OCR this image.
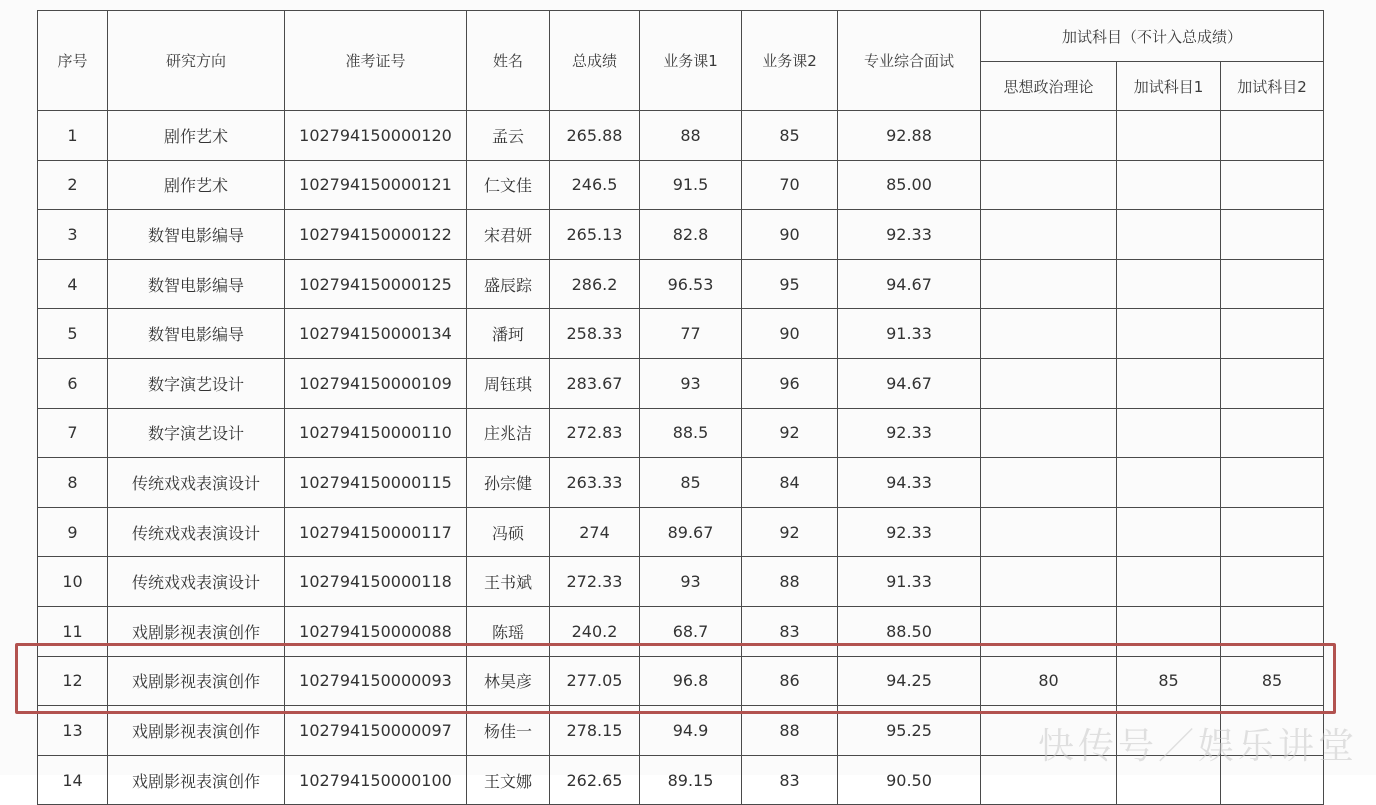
序号	研究方向	准考证号	姓名	总成绩	业务课1	业务课2	专业综合面试	加试科目（不计入总成绩）		
								思想政治理论	加试科目1	加试科目2
1	剧作艺术	102794150000120	孟云	265.88	88	85	92.88			
2	剧作艺术	102794150000121	仁文佳	246.5	91.5	70	85.00			
3	数智电影编导	102794150000122	宋君妍	265.13	82.8	90	92.33			
4	数智电影编导	102794150000125	盛辰踪	286.2	96.53	95	94.67			
5	数智电影编导	102794150000134	潘珂	258.33	77	90	91.33			
6	数字演艺设计	102794150000109	周钰琪	283.67	93	96	94.67			
7	数字演艺设计	102794150000110	庄兆洁	272.83	88.5	92	92.33			
8	传统戏戏表演设计	102794150000115	孙宗健	263.33	85	84	94.33			
9	传统戏戏表演设计	102794150000117	冯硕	274	89.67	92	92.33			
10	传统戏戏表演设计	102794150000118	王书斌	272.33	93	88	91.33			
11	戏剧影视表演创作	102794150000088	陈瑶	240.2	68.7	83	88.50			
12	戏剧影视表演创作	102794150000093	林昊彦	277.05	96.8	86	94.25	80	85	85
13	戏剧影视表演创作	102794150000097	杨佳一	278.15	94.9	88	95.25			
14	戏剧影视表演创作	102794150000100	王文娜	262.65	89.15	83	90.50			
快传号／娱乐讲堂
